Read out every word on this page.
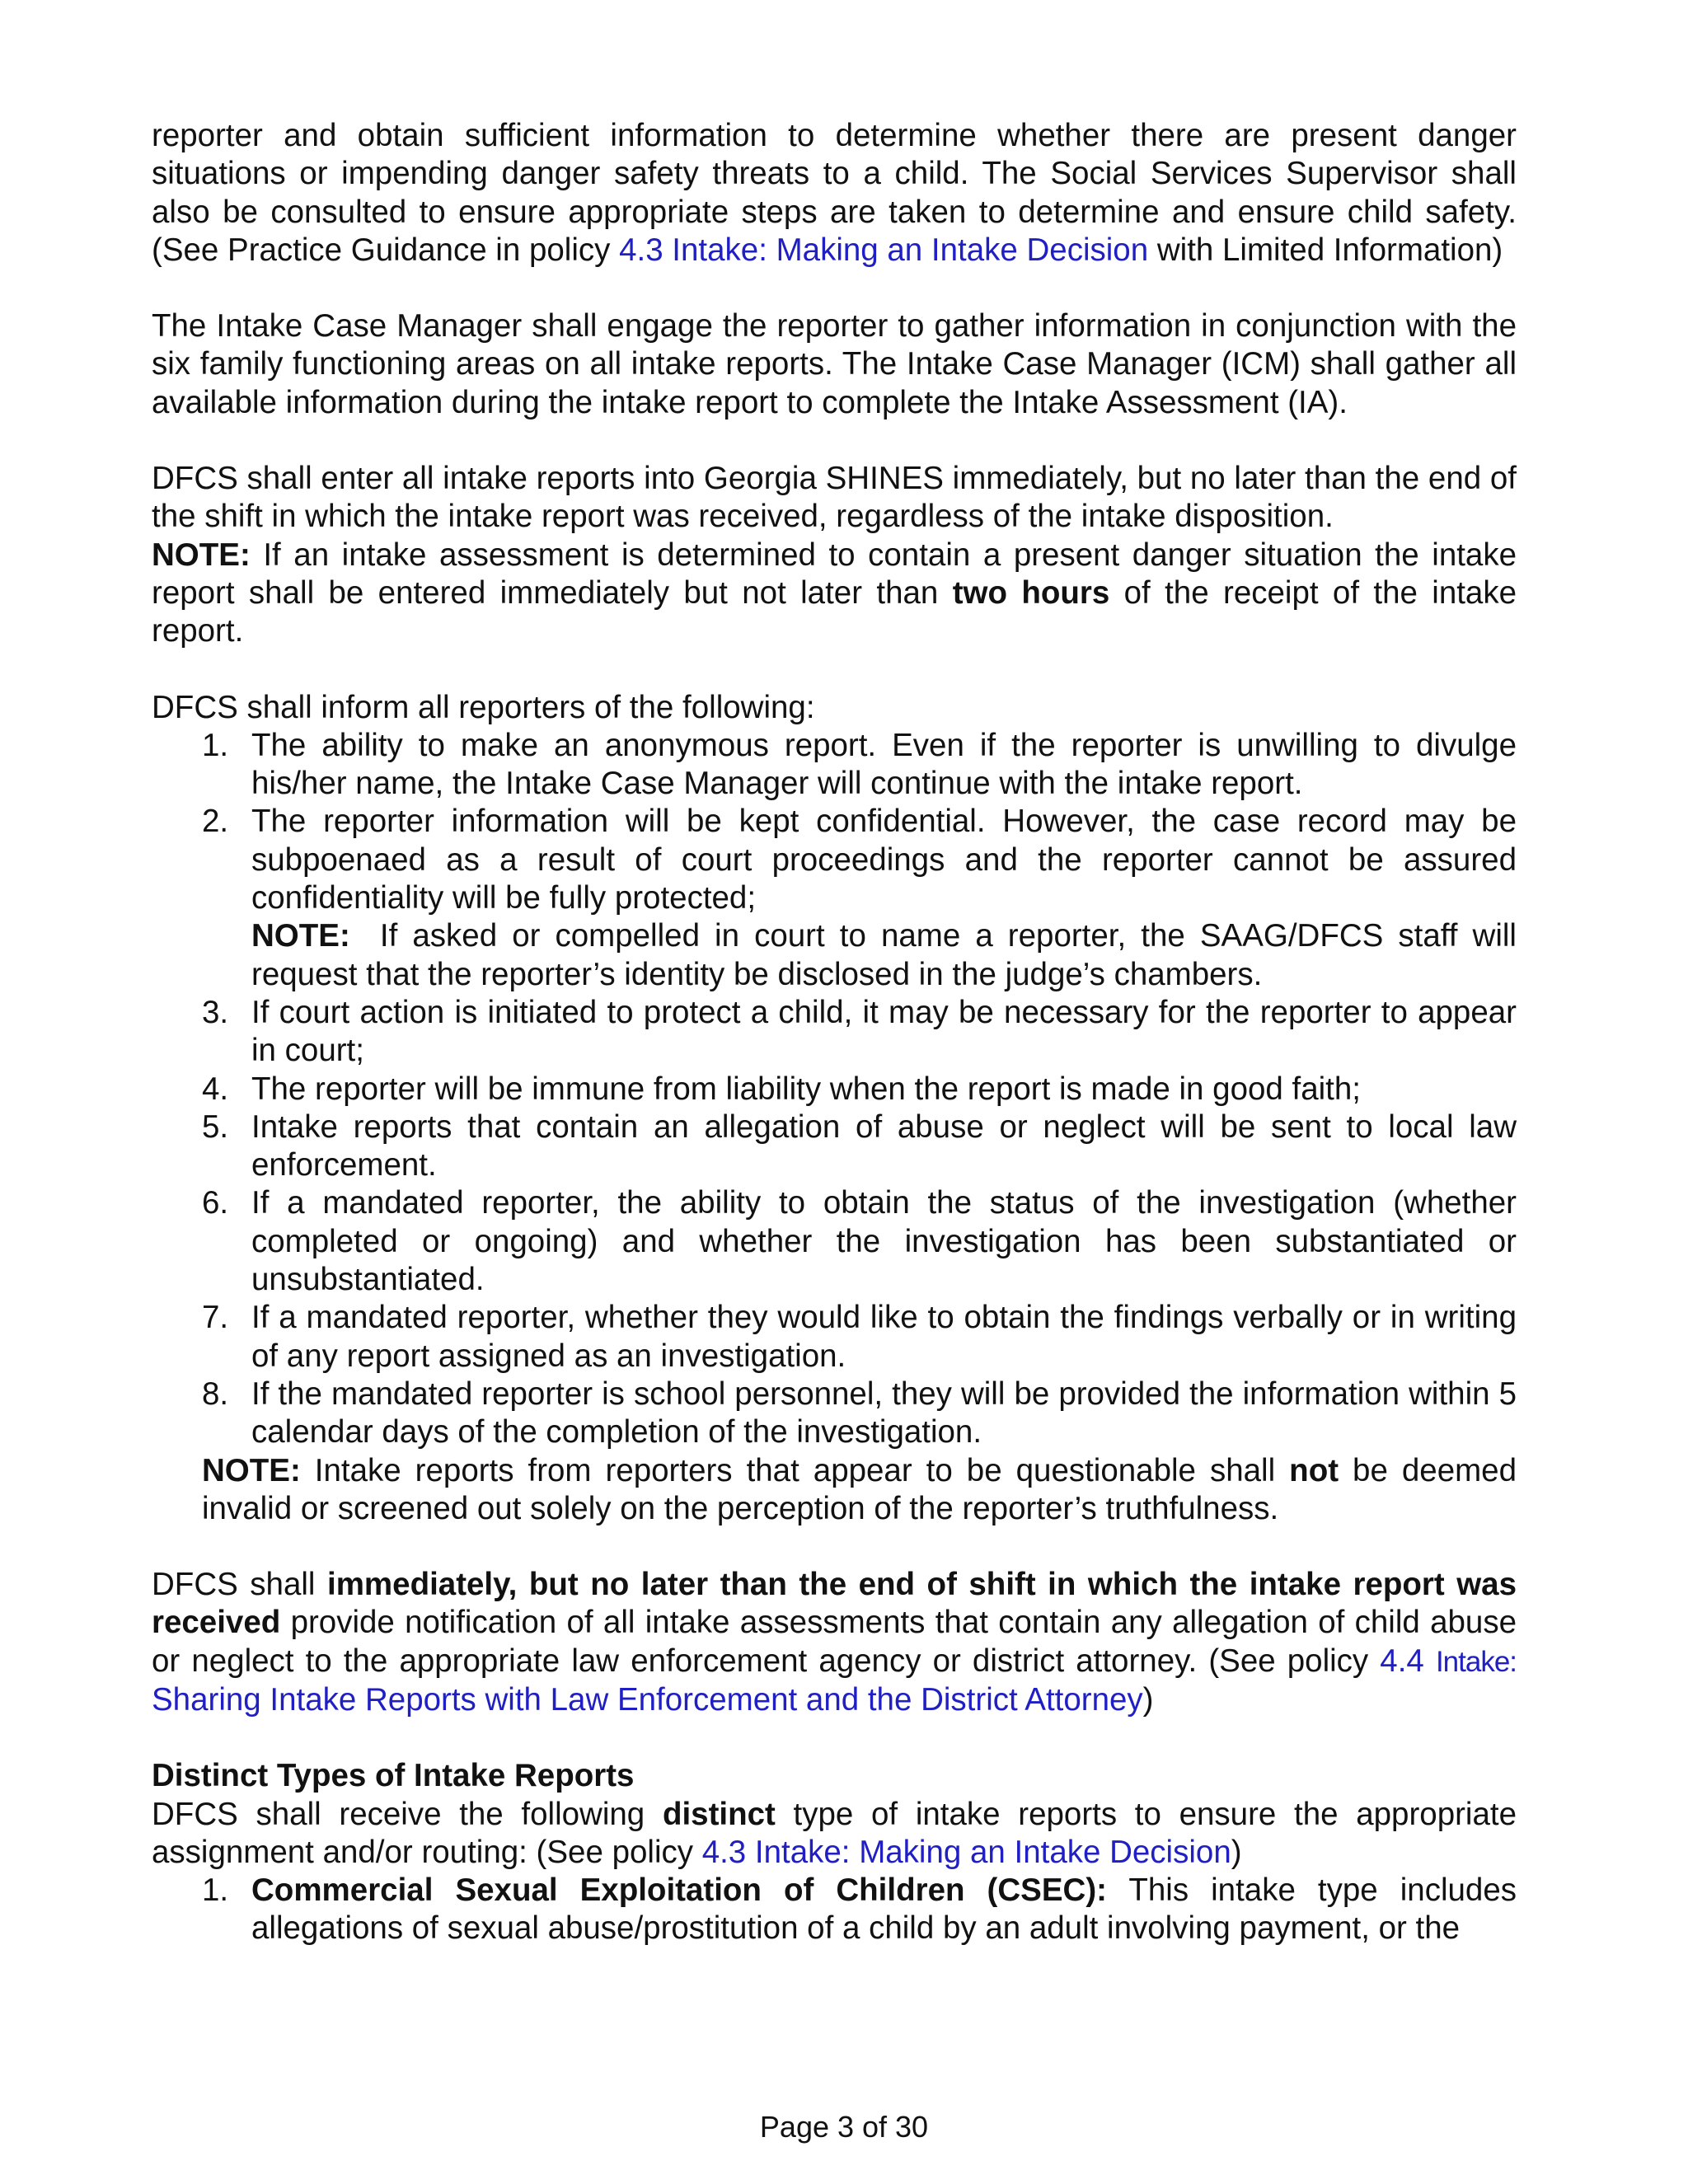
reporter and obtain sufficient information to determine whether there are present danger situations or impending danger safety threats to a child. The Social Services Supervisor shall also be consulted to ensure appropriate steps are taken to determine and ensure child safety. (See Practice Guidance in policy 4.3 Intake: Making an Intake Decision with Limited Information)

The Intake Case Manager shall engage the reporter to gather information in conjunction with the six family functioning areas on all intake reports. The Intake Case Manager (ICM) shall gather all available information during the intake report to complete the Intake Assessment (IA).

DFCS shall enter all intake reports into Georgia SHINES immediately, but no later than the end of the shift in which the intake report was received, regardless of the intake disposition.

NOTE: If an intake assessment is determined to contain a present danger situation the intake report shall be entered immediately but not later than two hours of the receipt of the intake report.

DFCS shall inform all reporters of the following:

1. The ability to make an anonymous report. Even if the reporter is unwilling to divulge his/her name, the Intake Case Manager will continue with the intake report.
2. The reporter information will be kept confidential. However, the case record may be subpoenaed as a result of court proceedings and the reporter cannot be assured confidentiality will be fully protected;
NOTE:  If asked or compelled in court to name a reporter, the SAAG/DFCS staff will request that the reporter’s identity be disclosed in the judge’s chambers.
3. If court action is initiated to protect a child, it may be necessary for the reporter to appear in court;
4. The reporter will be immune from liability when the report is made in good faith;
5. Intake reports that contain an allegation of abuse or neglect will be sent to local law enforcement.
6. If a mandated reporter, the ability to obtain the status of the investigation (whether completed or ongoing) and whether the investigation has been substantiated or unsubstantiated.
7. If a mandated reporter, whether they would like to obtain the findings verbally or in writing of any report assigned as an investigation.
8. If the mandated reporter is school personnel, they will be provided the information within 5 calendar days of the completion of the investigation.

NOTE: Intake reports from reporters that appear to be questionable shall not be deemed invalid or screened out solely on the perception of the reporter’s truthfulness.

DFCS shall immediately, but no later than the end of shift in which the intake report was received provide notification of all intake assessments that contain any allegation of child abuse or neglect to the appropriate law enforcement agency or district attorney. (See policy 4.4 Intake: Sharing Intake Reports with Law Enforcement and the District Attorney)

Distinct Types of Intake Reports

DFCS shall receive the following distinct type of intake reports to ensure the appropriate assignment and/or routing: (See policy 4.3 Intake: Making an Intake Decision)

1. Commercial Sexual Exploitation of Children (CSEC): This intake type includes allegations of sexual abuse/prostitution of a child by an adult involving payment, or the
Page 3 of 30
